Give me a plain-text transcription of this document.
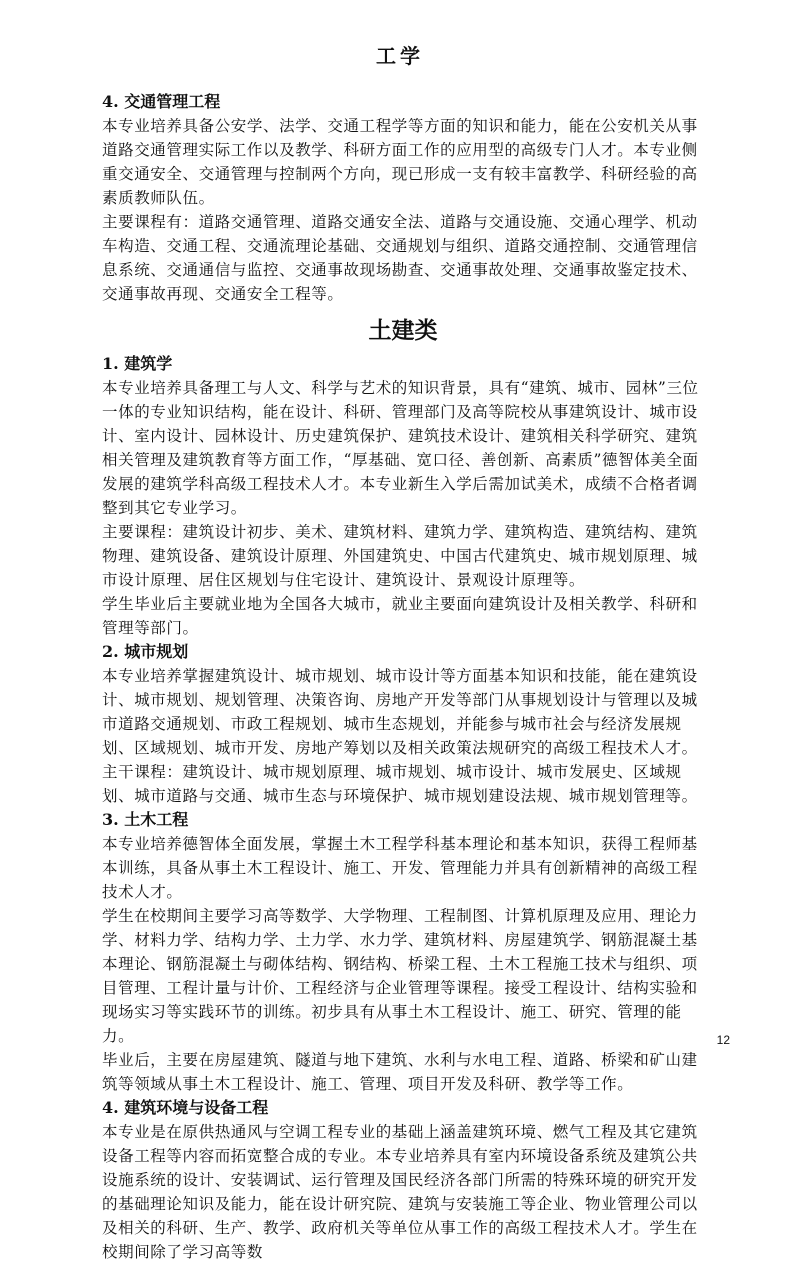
工学

4. 交通管理工程

本专业培养具备公安学、法学、交通工程学等方面的知识和能力，能在公安机关从事道路交通管理实际工作以及教学、科研方面工作的应用型的高级专门人才。本专业侧重交通安全、交通管理与控制两个方向，现已形成一支有较丰富教学、科研经验的高素质教师队伍。

主要课程有：道路交通管理、道路交通安全法、道路与交通设施、交通心理学、机动车构造、交通工程、交通流理论基础、交通规划与组织、道路交通控制、交通管理信息系统、交通通信与监控、交通事故现场勘查、交通事故处理、交通事故鉴定技术、交通事故再现、交通安全工程等。

土建类

1. 建筑学

本专业培养具备理工与人文、科学与艺术的知识背景，具有“建筑、城市、园林”三位一体的专业知识结构，能在设计、科研、管理部门及高等院校从事建筑设计、城市设计、室内设计、园林设计、历史建筑保护、建筑技术设计、建筑相关科学研究、建筑相关管理及建筑教育等方面工作，“厚基础、宽口径、善创新、高素质”德智体美全面发展的建筑学科高级工程技术人才。本专业新生入学后需加试美术，成绩不合格者调整到其它专业学习。

主要课程：建筑设计初步、美术、建筑材料、建筑力学、建筑构造、建筑结构、建筑物理、建筑设备、建筑设计原理、外国建筑史、中国古代建筑史、城市规划原理、城市设计原理、居住区规划与住宅设计、建筑设计、景观设计原理等。

学生毕业后主要就业地为全国各大城市，就业主要面向建筑设计及相关教学、科研和管理等部门。

2. 城市规划

本专业培养掌握建筑设计、城市规划、城市设计等方面基本知识和技能，能在建筑设计、城市规划、规划管理、决策咨询、房地产开发等部门从事规划设计与管理以及城市道路交通规划、市政工程规划、城市生态规划，并能参与城市社会与经济发展规划、区域规划、城市开发、房地产筹划以及相关政策法规研究的高级工程技术人才。

主干课程：建筑设计、城市规划原理、城市规划、城市设计、城市发展史、区域规划、城市道路与交通、城市生态与环境保护、城市规划建设法规、城市规划管理等。

3. 土木工程

本专业培养德智体全面发展，掌握土木工程学科基本理论和基本知识，获得工程师基本训练，具备从事土木工程设计、施工、开发、管理能力并具有创新精神的高级工程技术人才。

学生在校期间主要学习高等数学、大学物理、工程制图、计算机原理及应用、理论力学、材料力学、结构力学、土力学、水力学、建筑材料、房屋建筑学、钢筋混凝土基本理论、钢筋混凝土与砌体结构、钢结构、桥梁工程、土木工程施工技术与组织、项目管理、工程计量与计价、工程经济与企业管理等课程。接受工程设计、结构实验和现场实习等实践环节的训练。初步具有从事土木工程设计、施工、研究、管理的能力。

毕业后，主要在房屋建筑、隧道与地下建筑、水利与水电工程、道路、桥梁和矿山建筑等领域从事土木工程设计、施工、管理、项目开发及科研、教学等工作。

4. 建筑环境与设备工程

本专业是在原供热通风与空调工程专业的基础上涵盖建筑环境、燃气工程及其它建筑设备工程等内容而拓宽整合成的专业。本专业培养具有室内环境设备系统及建筑公共设施系统的设计、安装调试、运行管理及国民经济各部门所需的特殊环境的研究开发的基础理论知识及能力，能在设计研究院、建筑与安装施工等企业、物业管理公司以及相关的科研、生产、教学、政府机关等单位从事工作的高级工程技术人才。学生在校期间除了学习高等数

12
